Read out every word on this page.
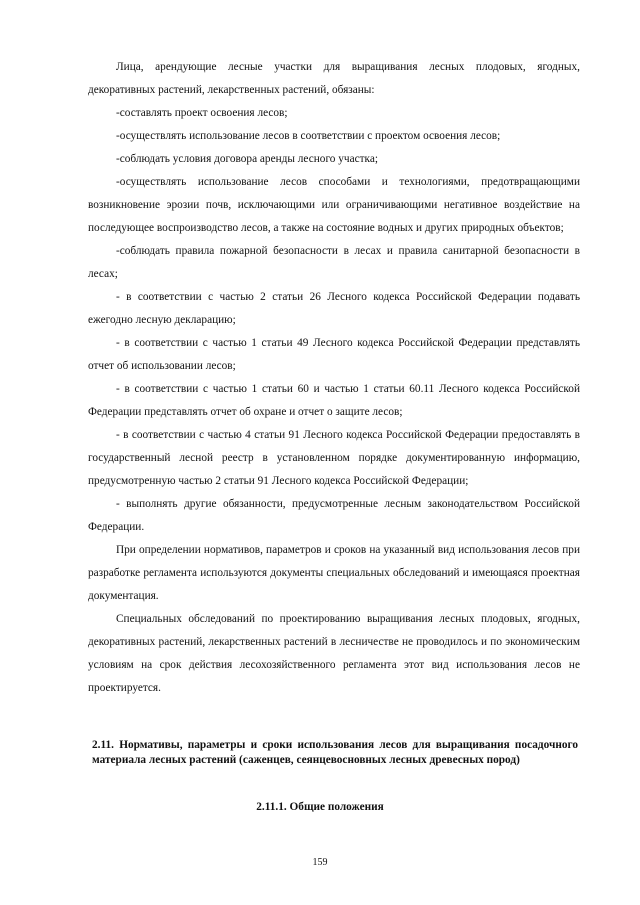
Лица, арендующие лесные участки для выращивания лесных плодовых, ягодных, декоративных растений, лекарственных растений, обязаны:

-составлять проект освоения лесов;

-осуществлять использование лесов в соответствии с проектом освоения лесов;

-соблюдать условия договора аренды лесного участка;

-осуществлять использование лесов способами и технологиями, предотвращающими возникновение эрозии почв, исключающими или ограничивающими негативное воздействие на последующее воспроизводство лесов, а также на состояние водных и других природных объектов;

-соблюдать правила пожарной безопасности в лесах и правила санитарной безопасности в лесах;

- в соответствии с частью 2 статьи 26 Лесного кодекса Российской Федерации подавать ежегодно лесную декларацию;

- в соответствии с частью 1 статьи 49 Лесного кодекса Российской Федерации представлять отчет об использовании лесов;

- в соответствии с частью 1 статьи 60 и частью 1 статьи 60.11 Лесного кодекса Российской Федерации представлять отчет об охране и отчет о защите лесов;

- в соответствии с частью 4 статьи 91 Лесного кодекса Российской Федерации предоставлять в государственный лесной реестр в установленном порядке документированную информацию, предусмотренную частью 2 статьи 91 Лесного кодекса Российской Федерации;

- выполнять другие обязанности, предусмотренные лесным законодательством Российской Федерации.

При определении нормативов, параметров и сроков на указанный вид использования лесов при разработке регламента используются документы специальных обследований и имеющаяся проектная документация.

Специальных обследований по проектированию выращивания лесных плодовых, ягодных, декоративных растений, лекарственных растений в лесничестве не проводилось и по экономическим условиям на срок действия лесохозяйственного регламента этот вид использования лесов не проектируется.

2.11. Нормативы, параметры и сроки использования лесов для выращивания посадочного материала лесных растений (саженцев, сеянцевосновных лесных древесных пород)

2.11.1. Общие положения

159
